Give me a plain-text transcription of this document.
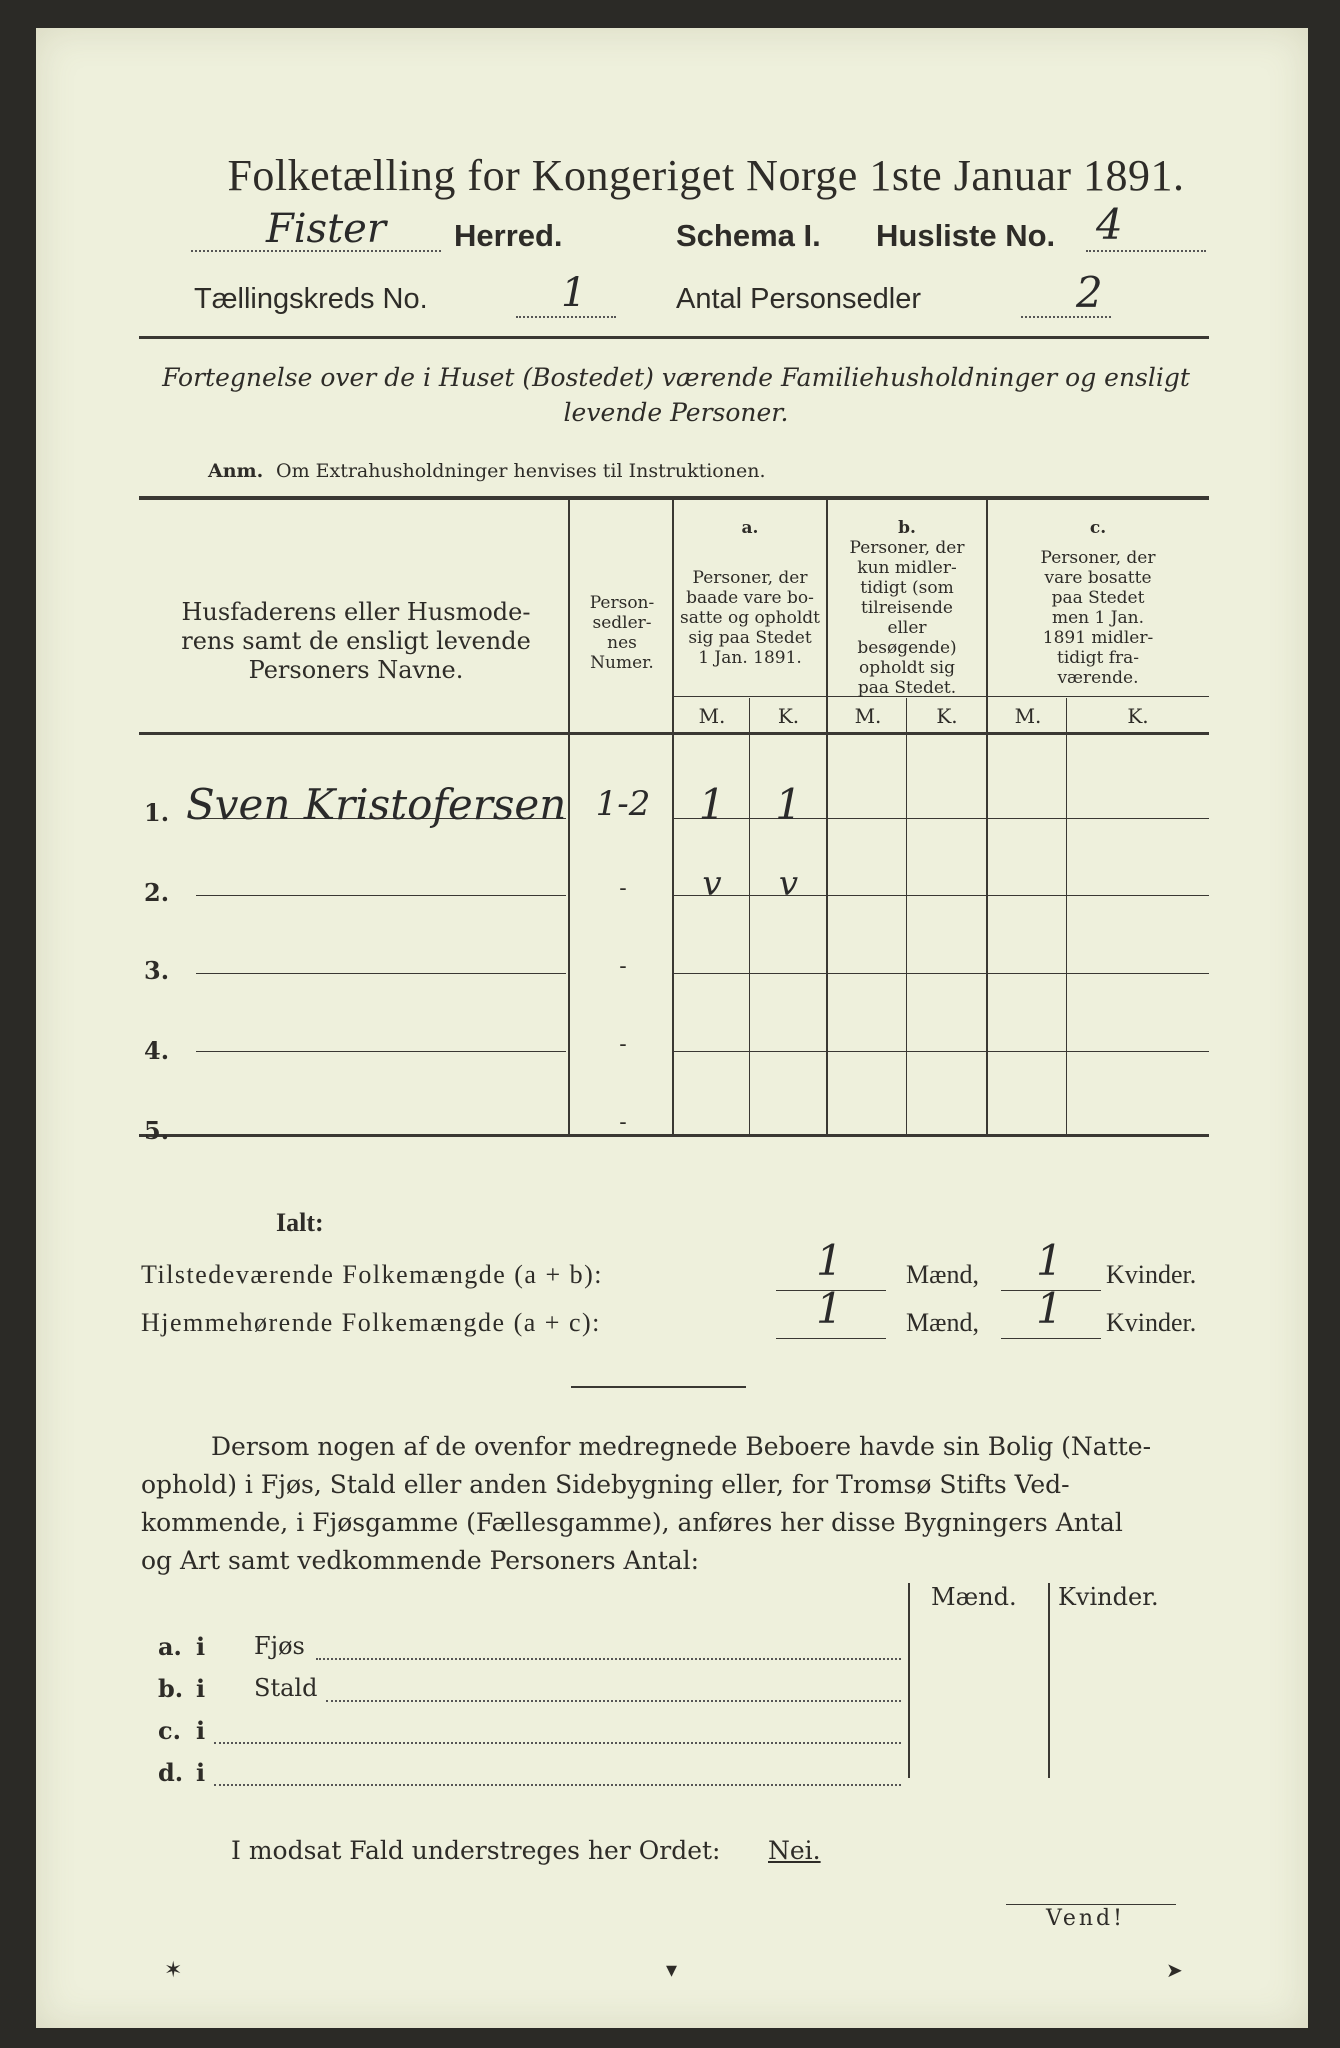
Folketælling for Kongeriget Norge 1ste Januar 1891.
Fister Herred.	Schema I. Husliste No. 4
Tællingskreds No.	1	Antal Personsedler	2
Fortegnelse over de i Huset (Bostedet) værende Familiehusholdninger og ensligt
levende Personer.
Anm. Om Extrahusholdninger henvises til Instruktionen.
Husfaderens eller Husmode-
rens samt de ensligt levende
Personers Navne.
Person-
sedler-
nes
Numer.
a.
Personer, der
baade vare bo-
satte og opholdt
sig paa Stedet
1 Jan. 1891.
b.
Personer, der
kun midler-
tidigt (som
tilreisende
eller
besøgende)
opholdt sig
paa Stedet.
c.
Personer, der
vare bosatte
paa Stedet
men 1 Jan.
1891 midler-
tidigt fra-
værende.
M.	K.	M.	K.	M.	K.
1. Sven Kristofersen 1-2	1	1
2.	-	v	v
3.	-
4.	-
5.	-
Ialt:
Tilstedeværende Folkemængde (a + b):	1 Mænd, 1 Kvinder.
Hjemmehørende Folkemængde (a + c):	1 Mænd, 1 Kvinder.
Dersom nogen af de ovenfor medregnede Beboere havde sin Bolig (Natte-
ophold) i Fjøs, Stald eller anden Sidebygning eller, for Tromsø Stifts Ved-
kommende, i Fjøsgamme (Fællesgamme), anføres her disse Bygningers Antal
og Art samt vedkommende Personers Antal:
Mænd. Kvinder.
a. i Fjøs
b. i Stald
c. i
d. i
I modsat Fald understreges her Ordet: Nei.
Vend!
✶	▾	➤
